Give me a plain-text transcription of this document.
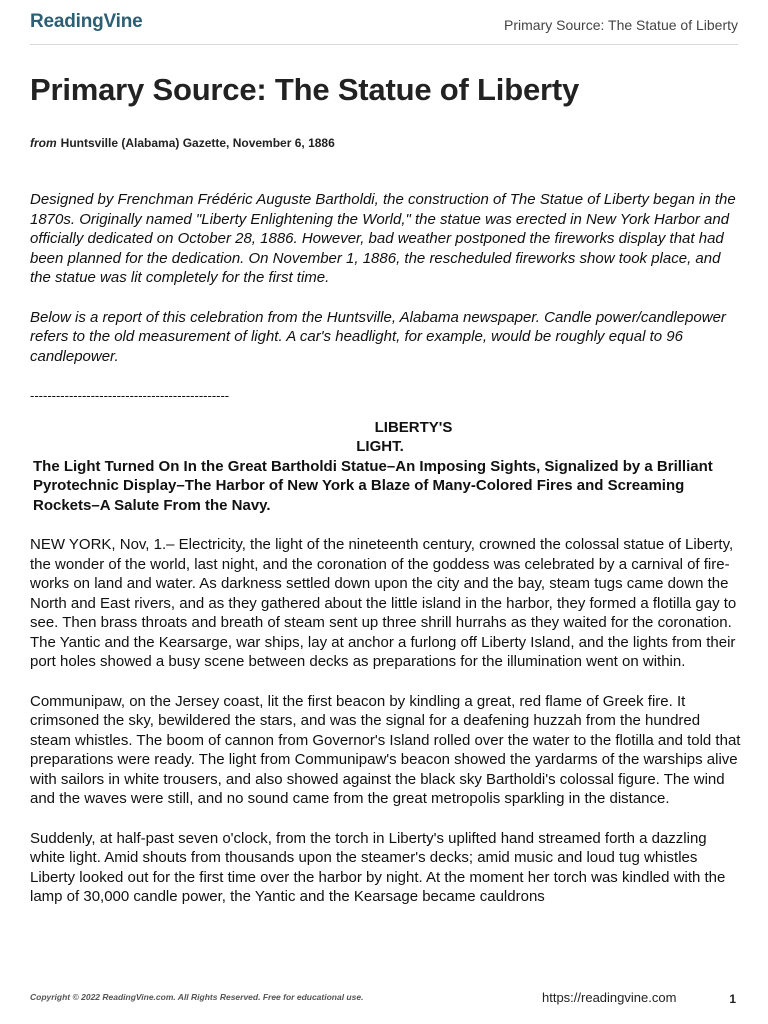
ReadingVine	Primary Source: The Statue of Liberty
Primary Source: The Statue of Liberty
from Huntsville (Alabama) Gazette, November 6, 1886

Designed by Frenchman Frédéric Auguste Bartholdi, the construction of The Statue of Liberty began in the 1870s. Originally named "Liberty Enlightening the World," the statue was erected in New York Harbor and officially dedicated on October 28, 1886. However, bad weather postponed the fireworks display that had been planned for the dedication. On November 1, 1886, the rescheduled fireworks show took place, and the statue was lit completely for the first time.

Below is a report of this celebration from the Huntsville, Alabama newspaper. Candle power/candlepower refers to the old measurement of light. A car's headlight, for example, would be roughly equal to 96 candlepower.

----------------------------------------------

LIBERTY'S
LIGHT.

The Light Turned On In the Great Bartholdi Statue–An Imposing Sights, Signalized by a Brilliant Pyrotechnic Display–The Harbor of New York a Blaze of Many-Colored Fires and Screaming Rockets–A Salute From the Navy.

NEW YORK, Nov, 1.– Electricity, the light of the nineteenth century, crowned the colossal statue of Liberty, the wonder of the world, last night, and the coronation of the goddess was celebrated by a carnival of fire-works on land and water. As darkness settled down upon the city and the bay, steam tugs came down the North and East rivers, and as they gathered about the little island in the harbor, they formed a flotilla gay to see. Then brass throats and breath of steam sent up three shrill hurrahs as they waited for the coronation. The Yantic and the Kearsarge, war ships, lay at anchor a furlong off Liberty Island, and the lights from their port holes showed a busy scene between decks as preparations for the illumination went on within.

Communipaw, on the Jersey coast, lit the first beacon by kindling a great, red flame of Greek fire. It crimsoned the sky, bewildered the stars, and was the signal for a deafening huzzah from the hundred steam whistles. The boom of cannon from Governor's Island rolled over the water to the flotilla and told that preparations were ready. The light from Communipaw's beacon showed the yardarms of the warships alive with sailors in white trousers, and also showed against the black sky Bartholdi's colossal figure. The wind and the waves were still, and no sound came from the great metropolis sparkling in the distance.

Suddenly, at half-past seven o'clock, from the torch in Liberty's uplifted hand streamed forth a dazzling white light. Amid shouts from thousands upon the steamer's decks; amid music and loud tug whistles Liberty looked out for the first time over the harbor by night. At the moment her torch was kindled with the lamp of 30,000 candle power, the Yantic and the Kearsage became cauldrons

Copyright © 2022 ReadingVine.com. All Rights Reserved. Free for educational use.	https://readingvine.com	1
